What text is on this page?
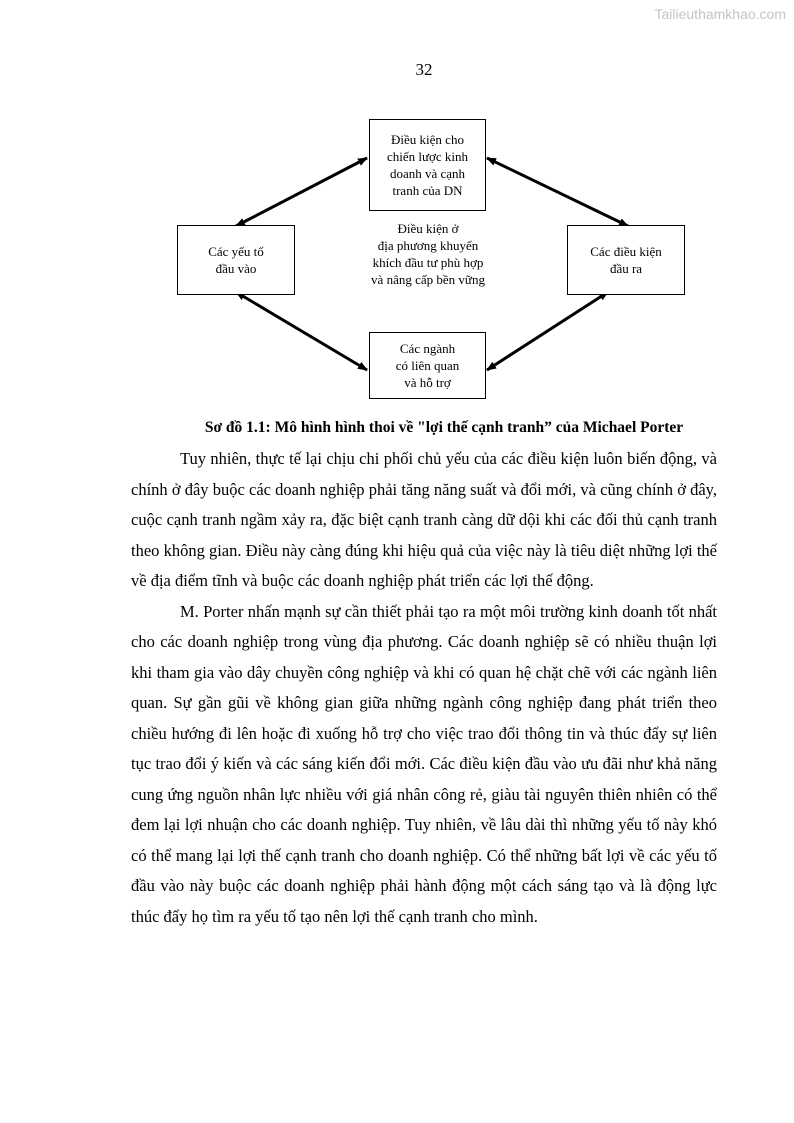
Tailieuthamkhao.com
32
Điều kiện cho
chiến lược kinh
doanh và cạnh
tranh của DN
Các yếu tố
đầu vào
Các điều kiện
đầu ra
Các ngành
có liên quan
và hỗ trợ
Điều kiện ở
địa phương khuyến
khích đầu tư phù hợp
và nâng cấp bền vững
Sơ đồ 1.1: Mô hình hình thoi về "lợi thế cạnh tranh” của Michael Porter

Tuy nhiên, thực tế lại chịu chi phối chủ yếu của các điều kiện luôn biến động, và chính ở đây buộc các doanh nghiệp phải tăng năng suất và đổi mới, và cũng chính ở đây, cuộc cạnh tranh ngầm xảy ra, đặc biệt cạnh tranh càng dữ dội khi các đối thủ cạnh tranh theo không gian. Điều này càng đúng khi hiệu quả của việc này là tiêu diệt những lợi thế về địa điểm tĩnh và buộc các doanh nghiệp phát triển các lợi thế động.

M. Porter nhấn mạnh sự cần thiết phải tạo ra một môi trường kinh doanh tốt nhất cho các doanh nghiệp trong vùng địa phương. Các doanh nghiệp sẽ có nhiều thuận lợi khi tham gia vào dây chuyền công nghiệp và khi có quan hệ chặt chẽ với các ngành liên quan. Sự gần gũi về không gian giữa những ngành công nghiệp đang phát triển theo chiều hướng đi lên hoặc đi xuống hỗ trợ cho việc trao đổi thông tin và thúc đẩy sự liên tục trao đổi ý kiến và các sáng kiến đổi mới. Các điều kiện đầu vào ưu đãi như khả năng cung ứng nguồn nhân lực nhiều với giá nhân công rẻ, giàu tài nguyên thiên nhiên có thể đem lại lợi nhuận cho các doanh nghiệp. Tuy nhiên, về lâu dài thì những yếu tố này khó có thể mang lại lợi thế cạnh tranh cho doanh nghiệp. Có thể những bất lợi về các yếu tố đầu vào này buộc các doanh nghiệp phải hành động một cách sáng tạo và là động lực thúc đẩy họ tìm ra yếu tố tạo nên lợi thế cạnh tranh cho mình.
